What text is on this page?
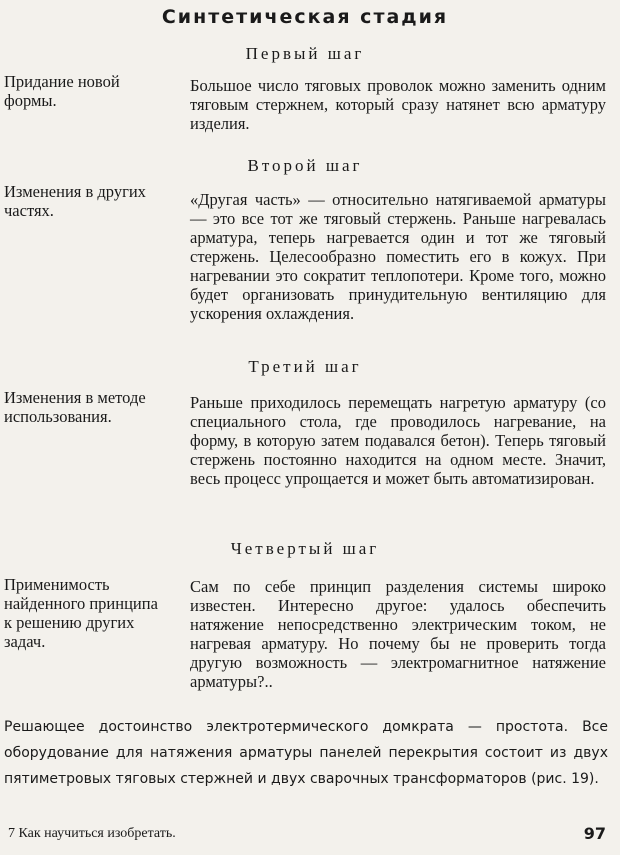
Синтетическая стадия
Первый шаг
Придание новой формы.
Большое число тяговых проволок можно заменить одним тяговым стержнем, который сразу натянет всю арматуру изделия.
Второй шаг
Изменения в других частях.
«Другая часть» — относительно натягиваемой арматуры — это все тот же тяговый стержень. Раньше нагревалась арматура, теперь нагревается один и тот же тяговый стержень. Целесообразно поместить его в кожух. При нагревании это сократит теплопотери. Кроме того, можно будет организовать принудительную вентиляцию для ускорения охлаждения.
Третий шаг
Изменения в методе использования.
Раньше приходилось перемещать нагретую арматуру (со специального стола, где проводилось нагревание, на форму, в которую затем подавался бетон). Теперь тяговый стержень постоянно находится на одном месте. Значит, весь процесс упрощается и может быть автоматизирован.
Четвертый шаг
Применимость найденного принципа к решению других задач.
Сам по себе принцип разделения системы широко известен. Интересно другое: удалось обеспечить натяжение непосредственно электрическим током, не нагревая арматуру. Но почему бы не проверить тогда другую возможность — электромагнитное натяжение арматуры?..
Решающее достоинство электротермического домкрата — простота. Все оборудование для натяжения арматуры панелей перекрытия состоит из двух пятиметровых тяговых стержней и двух сварочных трансформаторов (рис. 19).
7 Как научиться изобретать.	97
